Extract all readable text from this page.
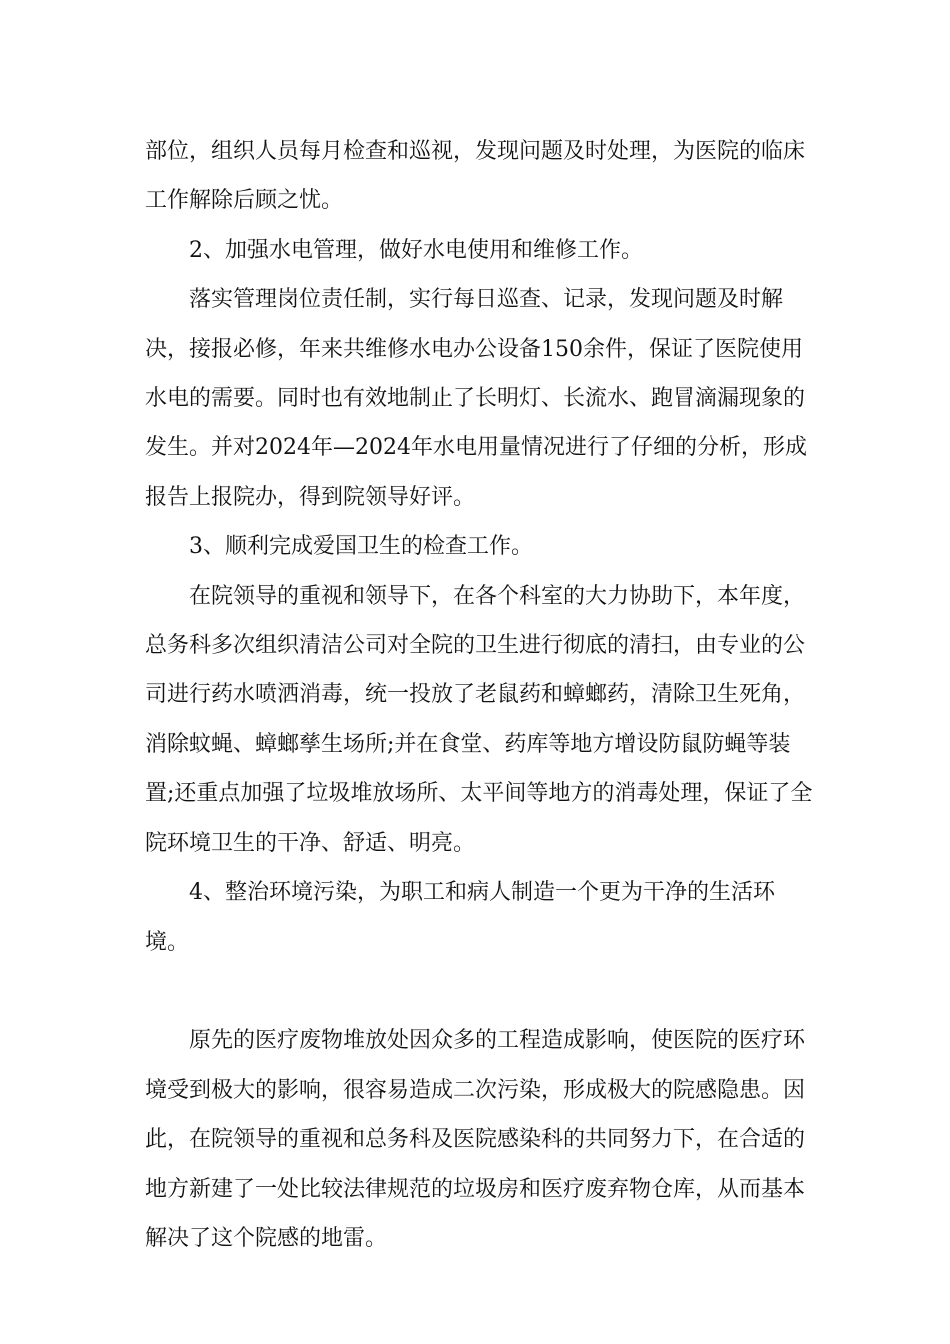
部位，组织人员每月检查和巡视，发现问题及时处理，为医院的临床工作解除后顾之忧。

2、加强水电管理，做好水电使用和维修工作。

落实管理岗位责任制，实行每日巡查、记录，发现问题及时解决，接报必修，年来共维修水电办公设备150余件，保证了医院使用水电的需要。同时也有效地制止了长明灯、长流水、跑冒滴漏现象的发生。并对2024年—2024年水电用量情况进行了仔细的分析，形成报告上报院办，得到院领导好评。

3、顺利完成爱国卫生的检查工作。

在院领导的重视和领导下，在各个科室的大力协助下，本年度，总务科多次组织清洁公司对全院的卫生进行彻底的清扫，由专业的公司进行药水喷洒消毒，统一投放了老鼠药和蟑螂药，清除卫生死角，消除蚊蝇、蟑螂孳生场所;并在食堂、药库等地方增设防鼠防蝇等装置;还重点加强了垃圾堆放场所、太平间等地方的消毒处理，保证了全院环境卫生的干净、舒适、明亮。

4、整治环境污染，为职工和病人制造一个更为干净的生活环境。

原先的医疗废物堆放处因众多的工程造成影响，使医院的医疗环境受到极大的影响，很容易造成二次污染，形成极大的院感隐患。因此，在院领导的重视和总务科及医院感染科的共同努力下，在合适的地方新建了一处比较法律规范的垃圾房和医疗废弃物仓库，从而基本解决了这个院感的地雷。
